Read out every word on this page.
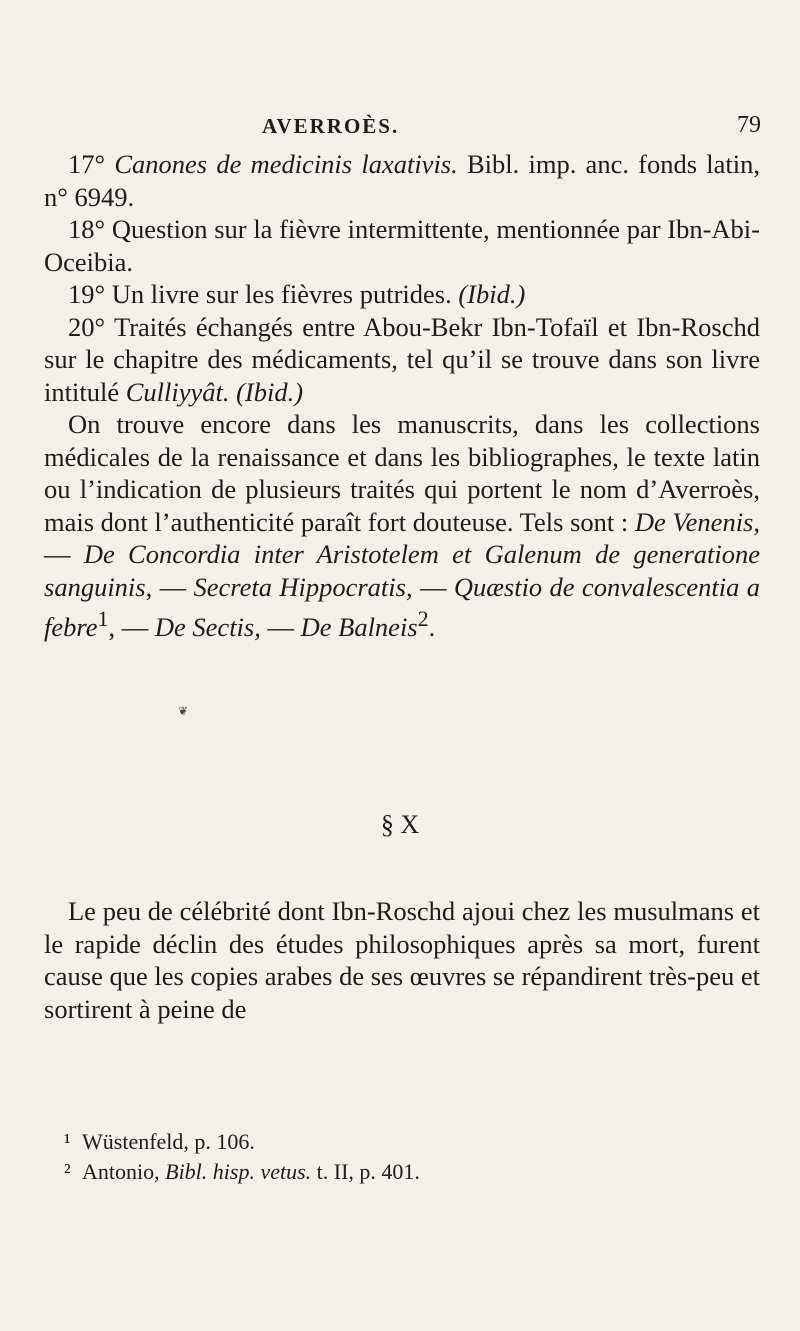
AVERROÈS.	79

17° Canones de medicinis laxativis. Bibl. imp. anc. fonds latin, n° 6949.

18° Question sur la fièvre intermittente, mentionnée par Ibn-Abi-Oceibia.

19° Un livre sur les fièvres putrides. (Ibid.)

20° Traités échangés entre Abou-Bekr Ibn-Tofaïl et Ibn-Roschd sur le chapitre des médicaments, tel qu’il se trouve dans son livre intitulé Culliyyât. (Ibid.)

On trouve encore dans les manuscrits, dans les collections médicales de la renaissance et dans les bibliographes, le texte latin ou l’indication de plusieurs traités qui portent le nom d’Averroès, mais dont l’authenticité paraît fort douteuse. Tels sont : De Venenis, — De Concordia inter Aristotelem et Galenum de generatione sanguinis, — Secreta Hippocratis, — Quæstio de convalescentia a febre$^1$, — De Sectis, — De Balneis$^2$.

❦
§ X

Le peu de célébrité dont Ibn-Roschd ajoui chez les musulmans et le rapide déclin des études philosophiques après sa mort, furent cause que les copies arabes de ses œuvres se répandirent très-peu et sortirent à peine de

¹ Wüstenfeld, p. 106.

² Antonio, Bibl. hisp. vetus. t. II, p. 401.
